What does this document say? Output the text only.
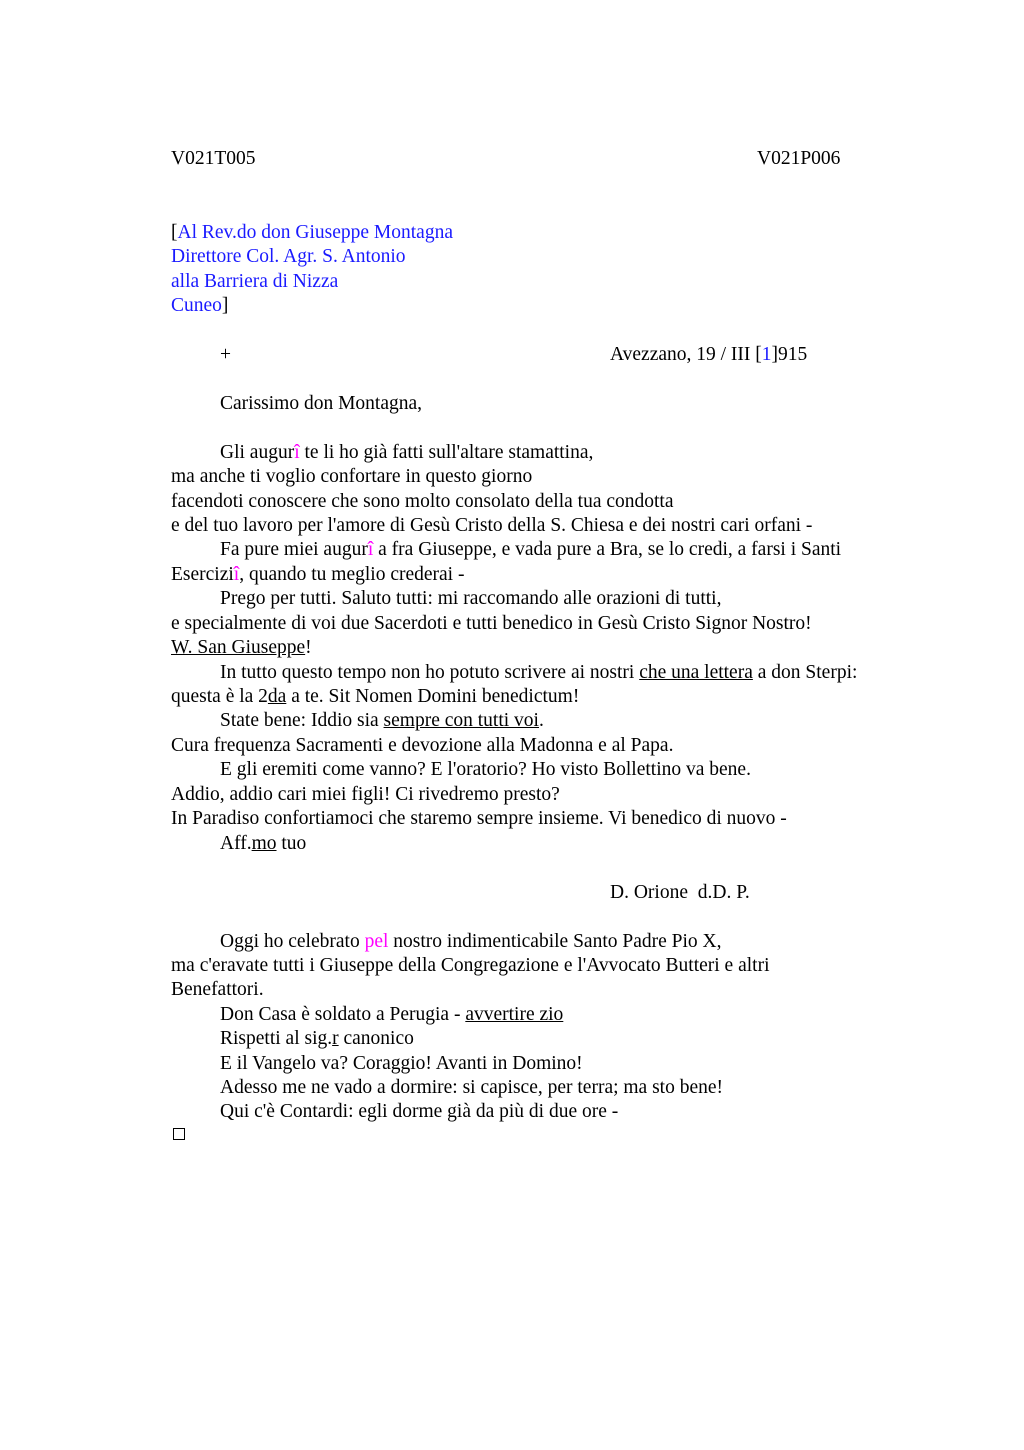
V021T005	V021P006
[Al Rev.do don Giuseppe Montagna
Direttore Col. Agr. S. Antonio
alla Barriera di Nizza
Cuneo]
+	Avezzano, 19 / III [1]915
Carissimo don Montagna,
Gli augurî te li ho già fatti sull'altare stamattina,
ma anche ti voglio confortare in questo giorno
facendoti conoscere che sono molto consolato della tua condotta
e del tuo lavoro per l'amore di Gesù Cristo della S. Chiesa e dei nostri cari orfani -
Fa pure miei augurî a fra Giuseppe, e vada pure a Bra, se lo credi, a farsi i Santi
Eserciziî, quando tu meglio crederai -
Prego per tutti. Saluto tutti: mi raccomando alle orazioni di tutti,
e specialmente di voi due Sacerdoti e tutti benedico in Gesù Cristo Signor Nostro!
W. San Giuseppe!
In tutto questo tempo non ho potuto scrivere ai nostri che una lettera a don Sterpi:
questa è la 2da a te. Sit Nomen Domini benedictum!
State bene: Iddio sia sempre con tutti voi.
Cura frequenza Sacramenti e devozione alla Madonna e al Papa.
E gli eremiti come vanno? E l'oratorio? Ho visto Bollettino va bene.
Addio, addio cari miei figli! Ci rivedremo presto?
In Paradiso confortiamoci che staremo sempre insieme. Vi benedico di nuovo -
Aff.mo tuo
D. Orione  d.D. P.
Oggi ho celebrato pel nostro indimenticabile Santo Padre Pio X,
ma c'eravate tutti i Giuseppe della Congregazione e l'Avvocato Butteri e altri
Benefattori.
Don Casa è soldato a Perugia - avvertire zio
Rispetti al sig.r canonico
E il Vangelo va? Coraggio! Avanti in Domino!
Adesso me ne vado a dormire: si capisce, per terra; ma sto bene!
Qui c'è Contardi: egli dorme già da più di due ore -
